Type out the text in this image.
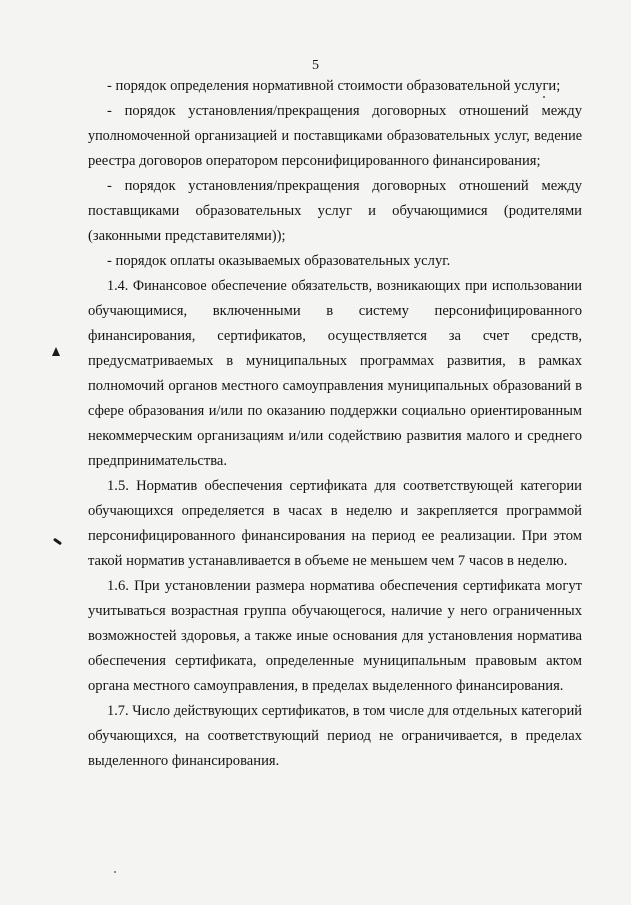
5
- порядок определения нормативной стоимости образовательной услуги;
- порядок установления/прекращения договорных отношений между
уполномоченной организацией и поставщиками образовательных услуг, ведение
реестра договоров оператором персонифицированного финансирования;
- порядок установления/прекращения договорных отношений между
поставщиками образовательных услуг и обучающимися (родителями
(законными представителями));
- порядок оплаты оказываемых образовательных услуг.
1.4. Финансовое обеспечение обязательств, возникающих при использовании
обучающимися, включенными в систему персонифицированного
финансирования, сертификатов, осуществляется за счет средств,
предусматриваемых в муниципальных программах развития, в рамках
полномочий органов местного самоуправления муниципальных образований в
сфере образования и/или по оказанию поддержки социально ориентированным
некоммерческим организациям и/или содействию развития малого и среднего
предпринимательства.
1.5. Норматив обеспечения сертификата для соответствующей категории
обучающихся определяется в часах в неделю и закрепляется программой
персонифицированного финансирования на период ее реализации. При этом
такой норматив устанавливается в объеме не меньшем чем 7 часов в неделю.
1.6. При установлении размера норматива обеспечения сертификата могут
учитываться возрастная группа обучающегося, наличие у него ограниченных
возможностей здоровья, а также иные основания для установления норматива
обеспечения сертификата, определенные муниципальным правовым актом
органа местного самоуправления, в пределах выделенного финансирования.
1.7. Число действующих сертификатов, в том числе для отдельных категорий
обучающихся, на соответствующий период не ограничивается, в пределах
выделенного финансирования.
